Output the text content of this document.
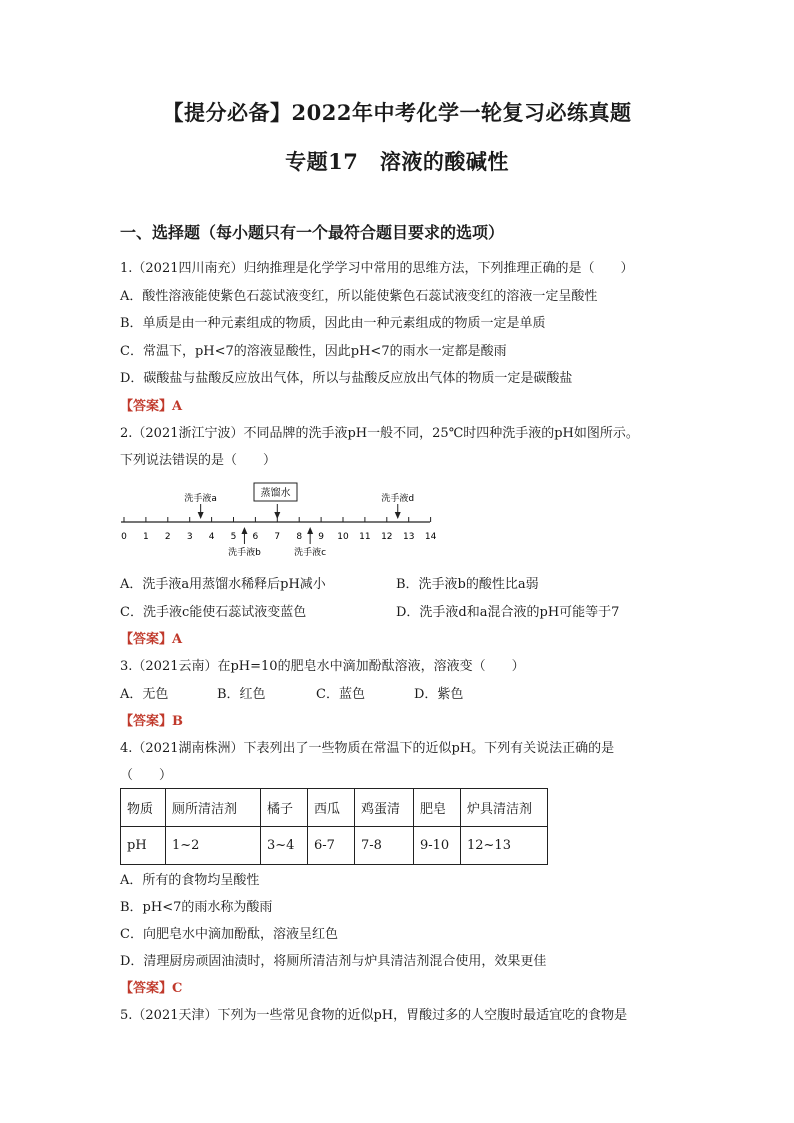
【提分必备】2022年中考化学一轮复习必练真题
专题17　溶液的酸碱性
一、选择题（每小题只有一个最符合题目要求的选项）
1.（2021四川南充）归纳推理是化学学习中常用的思维方法，下列推理正确的是（　　）
A．酸性溶液能使紫色石蕊试液变红，所以能使紫色石蕊试液变红的溶液一定呈酸性
B．单质是由一种元素组成的物质，因此由一种元素组成的物质一定是单质
C．常温下，pH<7的溶液显酸性，因此pH<7的雨水一定都是酸雨
D．碳酸盐与盐酸反应放出气体，所以与盐酸反应放出气体的物质一定是碳酸盐
【答案】A
2.（2021浙江宁波）不同品牌的洗手液pH一般不同，25℃时四种洗手液的pH如图所示。
下列说法错误的是（　　）
0 1 2 3 4 5 6 7 8 9 10 11 12 13 14
蒸馏水
洗手液a	洗手液d
洗手液b	洗手液c
A．洗手液a用蒸馏水稀释后pH减小	B．洗手液b的酸性比a弱
C．洗手液c能使石蕊试液变蓝色	D．洗手液d和a混合液的pH可能等于7
【答案】A
3.（2021云南）在pH=10的肥皂水中滴加酚酞溶液，溶液变（　　）
A．无色	B．红色	C．蓝色	D．紫色
【答案】B
4.（2021湖南株洲）下表列出了一些物质在常温下的近似pH。下列有关说法正确的是
（　　）
物质	厕所清洁剂	橘子	西瓜	鸡蛋清	肥皂	炉具清洁剂
pH	1~2	3~4	6-7	7-8	9-10	12~13
A．所有的食物均呈酸性
B．pH<7的雨水称为酸雨
C．向肥皂水中滴加酚酞，溶液呈红色
D．清理厨房顽固油渍时，将厕所清洁剂与炉具清洁剂混合使用，效果更佳
【答案】C
5.（2021天津）下列为一些常见食物的近似pH，胃酸过多的人空腹时最适宜吃的食物是
